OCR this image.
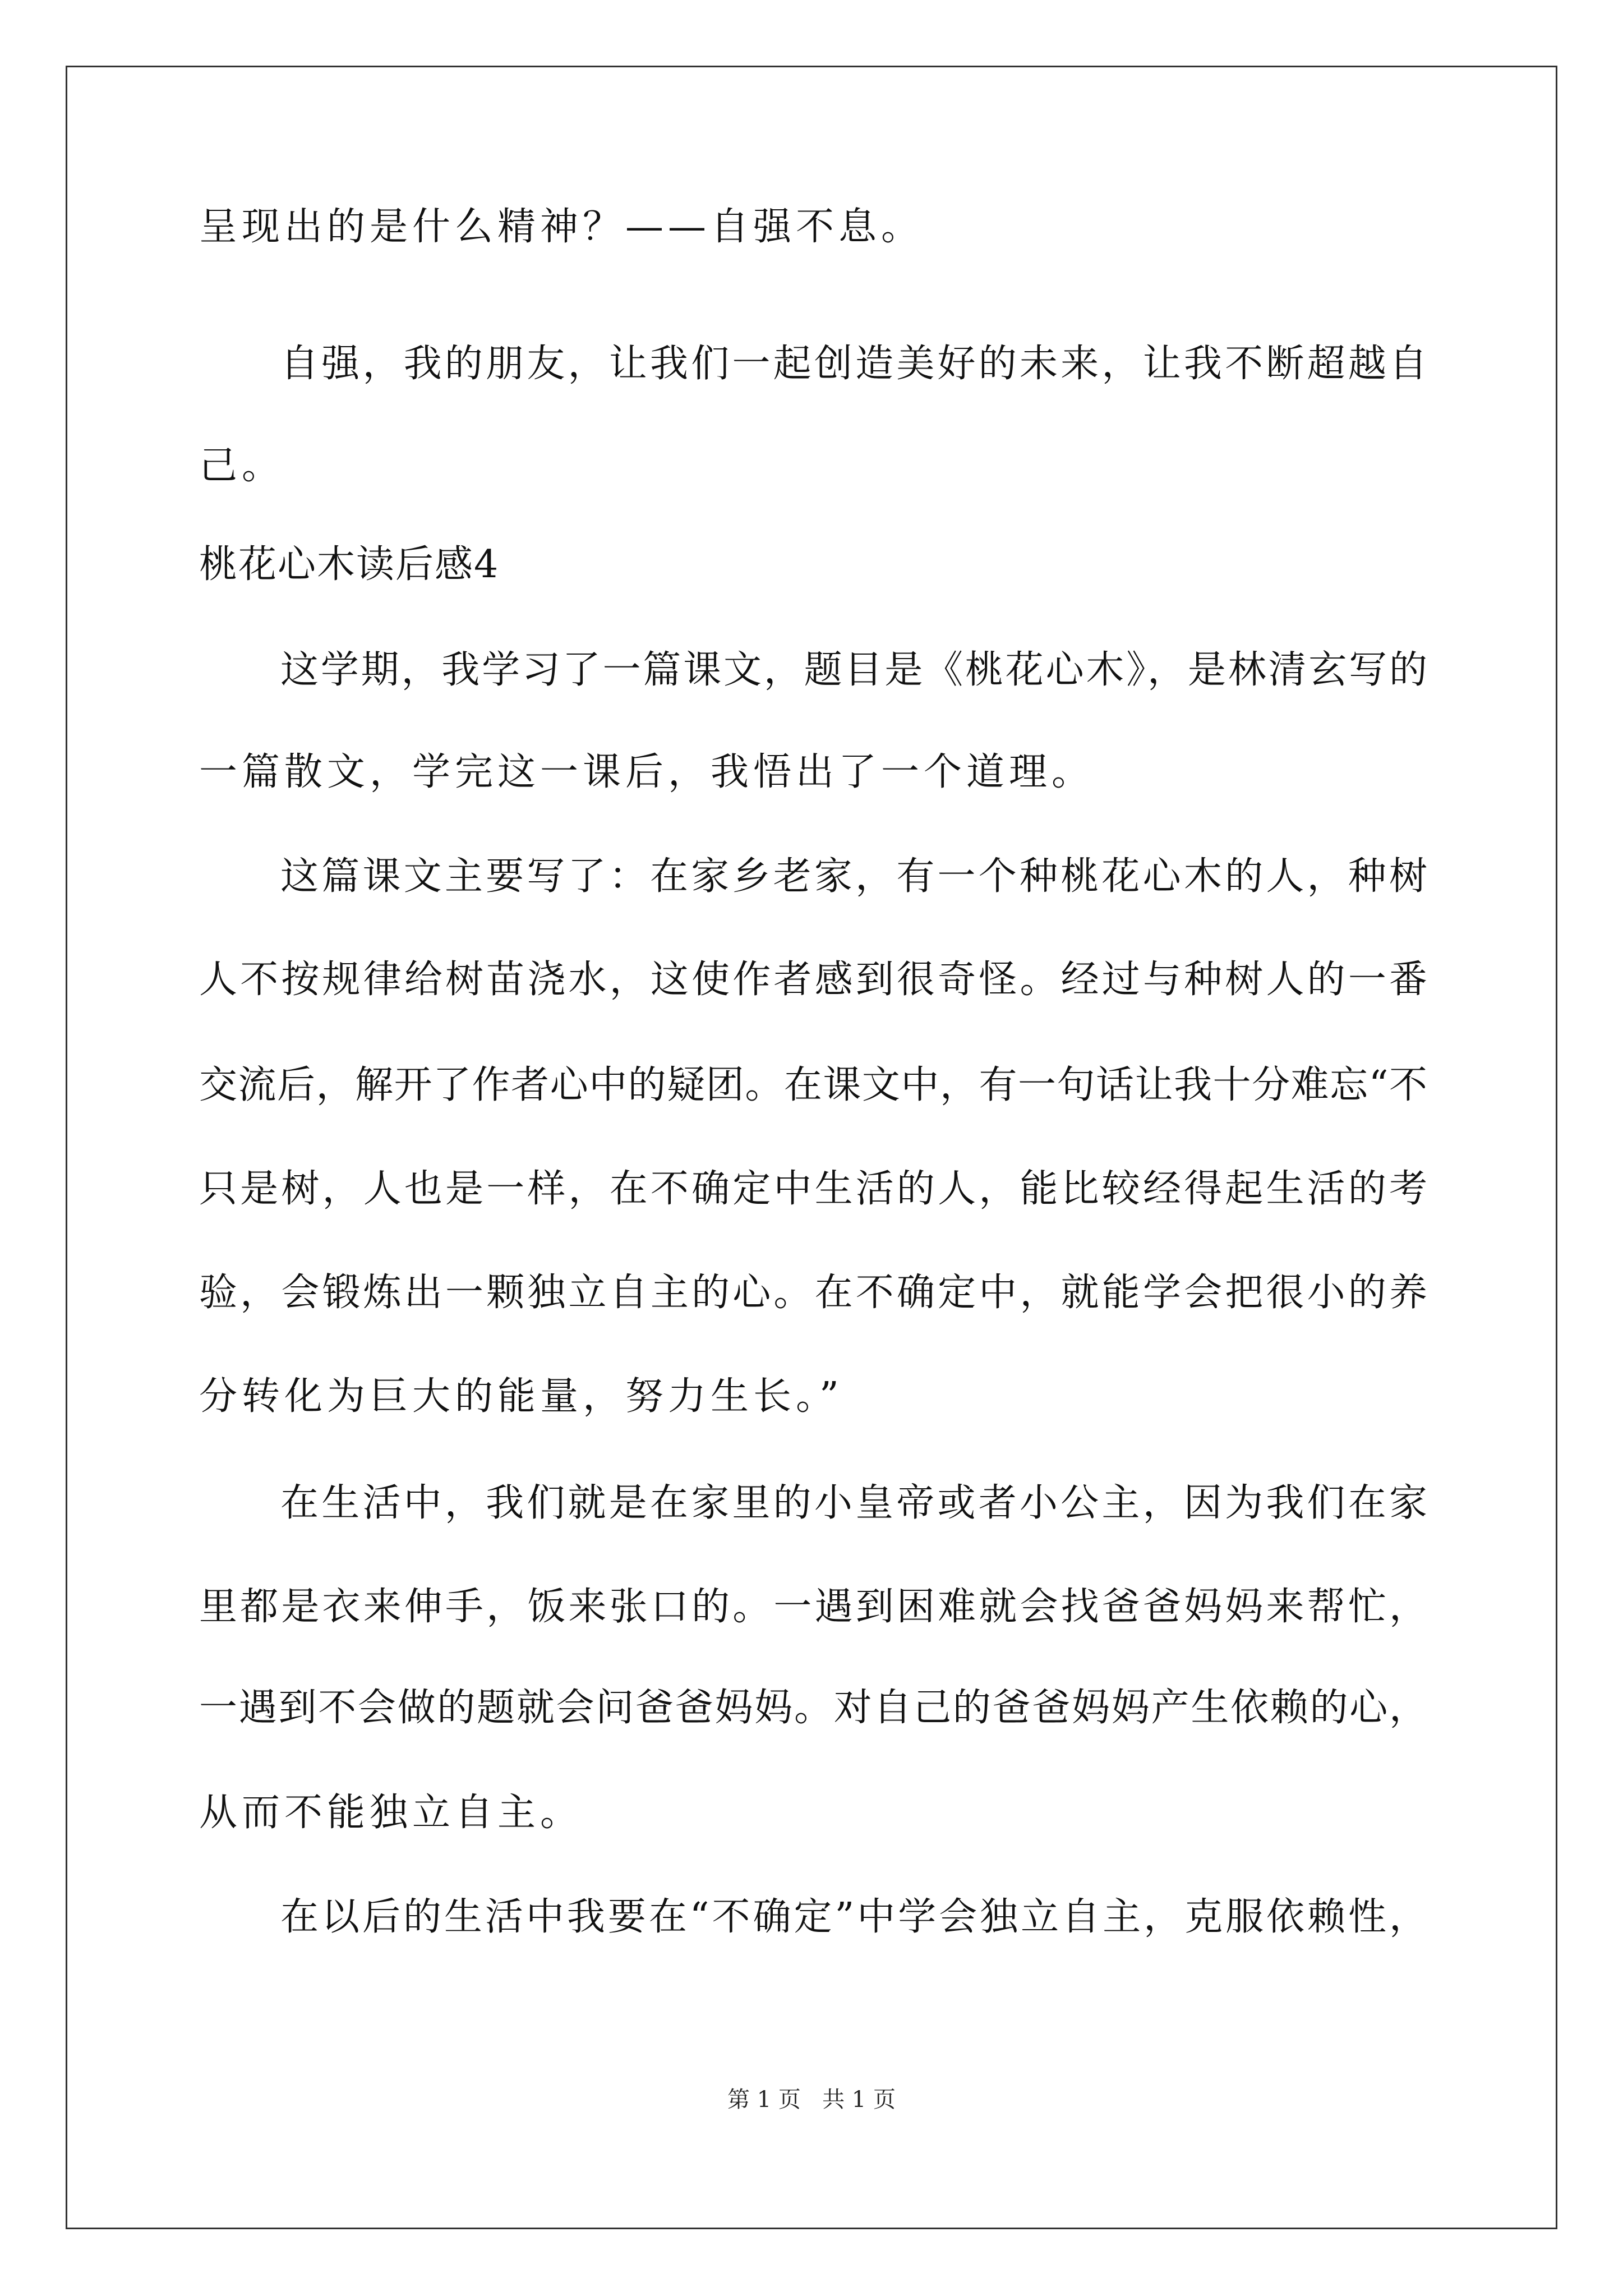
呈现出的是什么精神？——自强不息。
自强，我的朋友，让我们一起创造美好的未来，让我不断超越自
己。
桃花心木读后感4
这学期，我学习了一篇课文，题目是《桃花心木》，是林清玄写的
一篇散文，学完这一课后，我悟出了一个道理。
这篇课文主要写了：在家乡老家，有一个种桃花心木的人，种树
人不按规律给树苗浇水，这使作者感到很奇怪。经过与种树人的一番
交流后，解开了作者心中的疑团。在课文中，有一句话让我十分难忘“不
只是树，人也是一样，在不确定中生活的人，能比较经得起生活的考
验，会锻炼出一颗独立自主的心。在不确定中，就能学会把很小的养
分转化为巨大的能量，努力生长。”
在生活中，我们就是在家里的小皇帝或者小公主，因为我们在家
里都是衣来伸手，饭来张口的。一遇到困难就会找爸爸妈妈来帮忙，
一遇到不会做的题就会问爸爸妈妈。对自己的爸爸妈妈产生依赖的心，
从而不能独立自主。
在以后的生活中我要在“不确定”中学会独立自主，克服依赖性，
第 1 页   共 1 页
